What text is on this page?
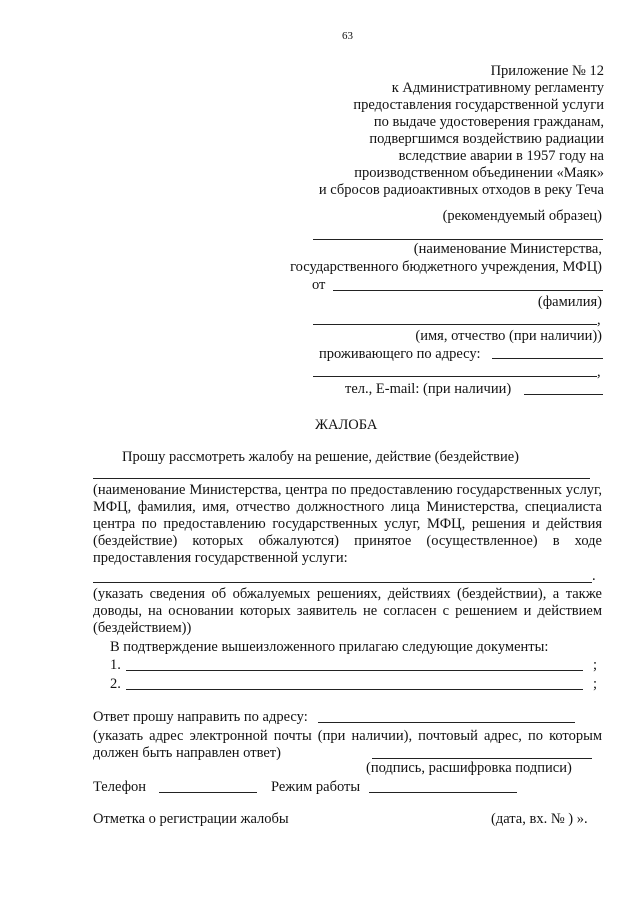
63
Приложение № 12
к Административному регламенту
предоставления государственной услуги
по выдаче удостоверения гражданам,
подвергшимся воздействию радиации
вследствие аварии в 1957 году на
производственном объединении «Маяк»
и сбросов радиоактивных отходов в реку Теча
(рекомендуемый образец)
(наименование Министерства,
государственного бюджетного учреждения, МФЦ)
от
(фамилия)
,
(имя, отчество (при наличии))
проживающего по адресу:
,
тел., E-mail: (при наличии)
ЖАЛОБА
Прошу рассмотреть жалобу на решение, действие (бездействие)
(наименование Министерства, центра по предоставлению государственных услуг, МФЦ, фамилия, имя, отчество должностного лица Министерства, специалиста центра по предоставлению государственных услуг, МФЦ, решения и действия (бездействие) которых обжалуются) принятое (осуществленное) в ходе предоставления государственной услуги:
.
(указать сведения об обжалуемых решениях, действиях (бездействии), а также доводы, на основании которых заявитель не согласен с решением и действием (бездействием))
В подтверждение вышеизложенного прилагаю следующие документы:
1.	;
2.	;
Ответ прошу направить по адресу:
(указать адрес электронной почты (при наличии), почтовый адрес, по которым должен быть направлен ответ)
(подпись, расшифровка подписи)
Телефон	Режим работы
Отметка о регистрации жалобы	(дата, вх. № ) ».
